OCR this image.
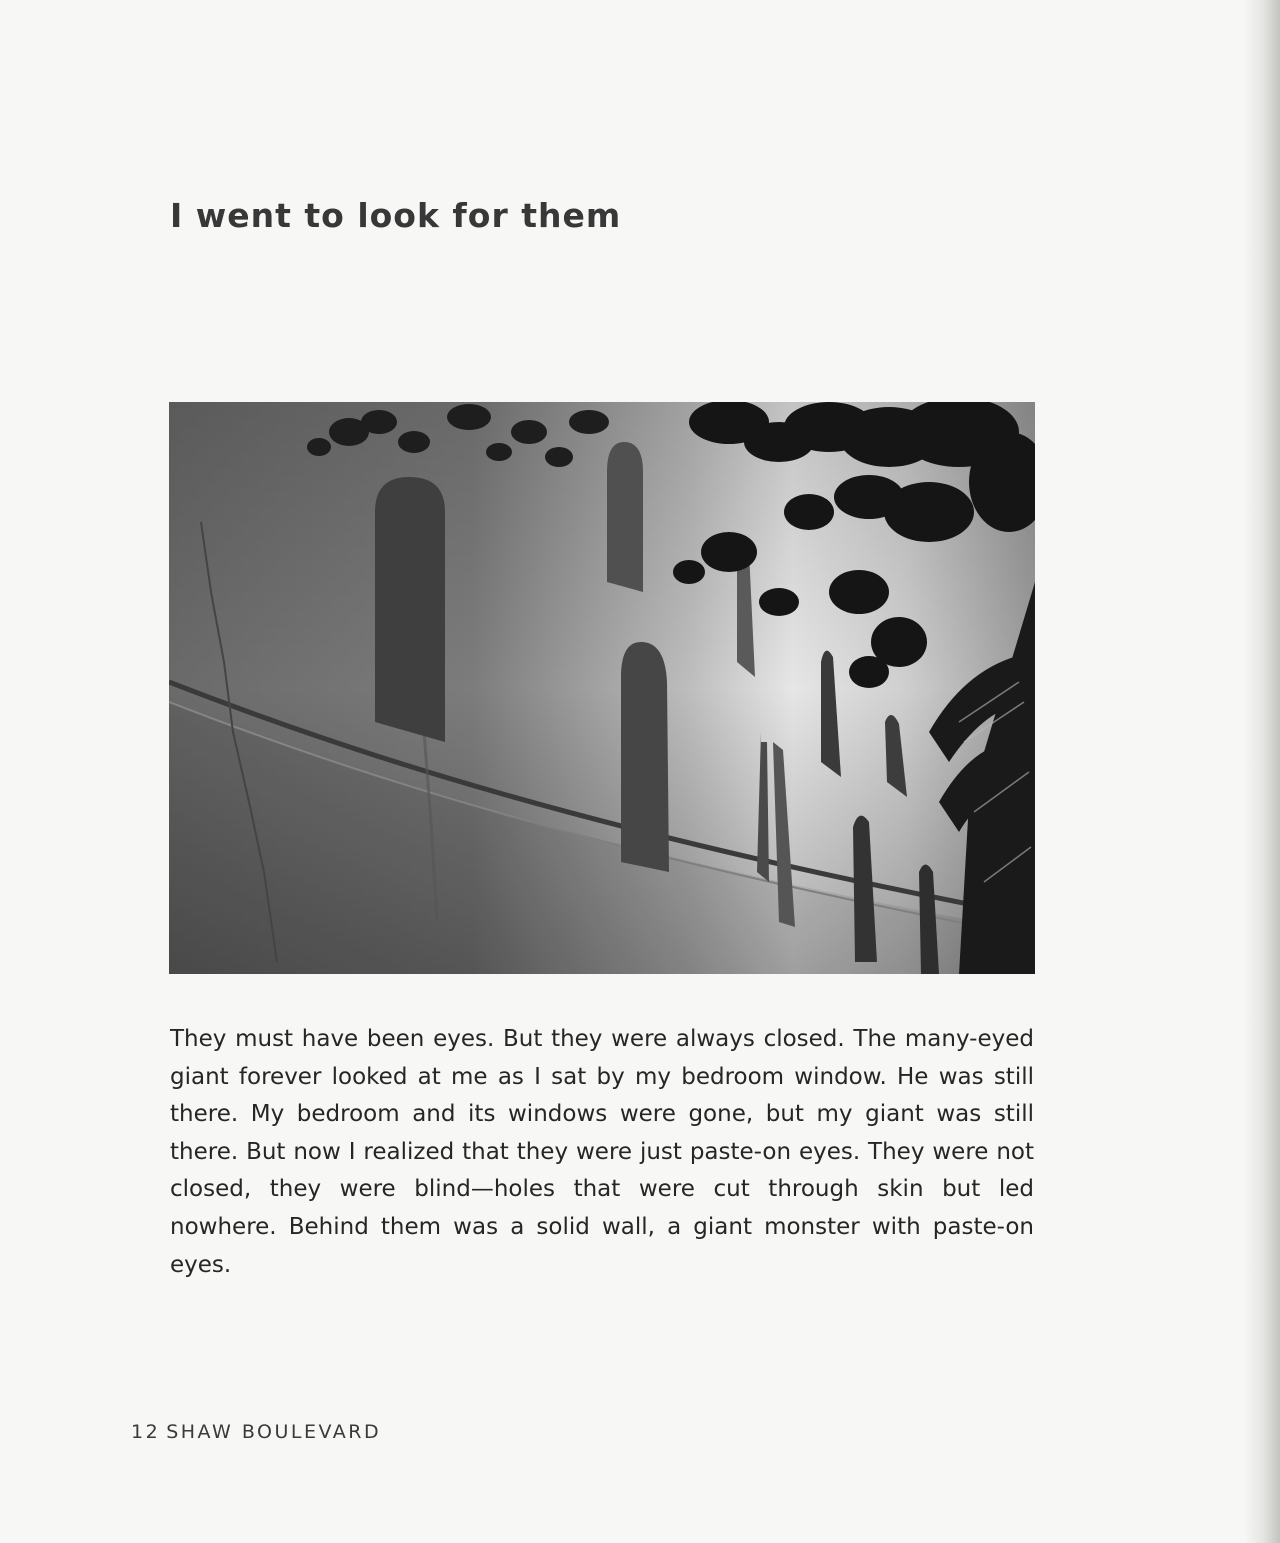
I went to look for them

They must have been eyes. But they were always closed. The many-eyed giant forever looked at me as I sat by my bedroom window. He was still there. My bedroom and its windows were gone, but my giant was still there. But now I realized that they were just paste-on eyes. They were not closed, they were blind—holes that were cut through skin but led nowhere. Behind them was a solid wall, a giant monster with paste-on eyes.

12 SHAW BOULEVARD
